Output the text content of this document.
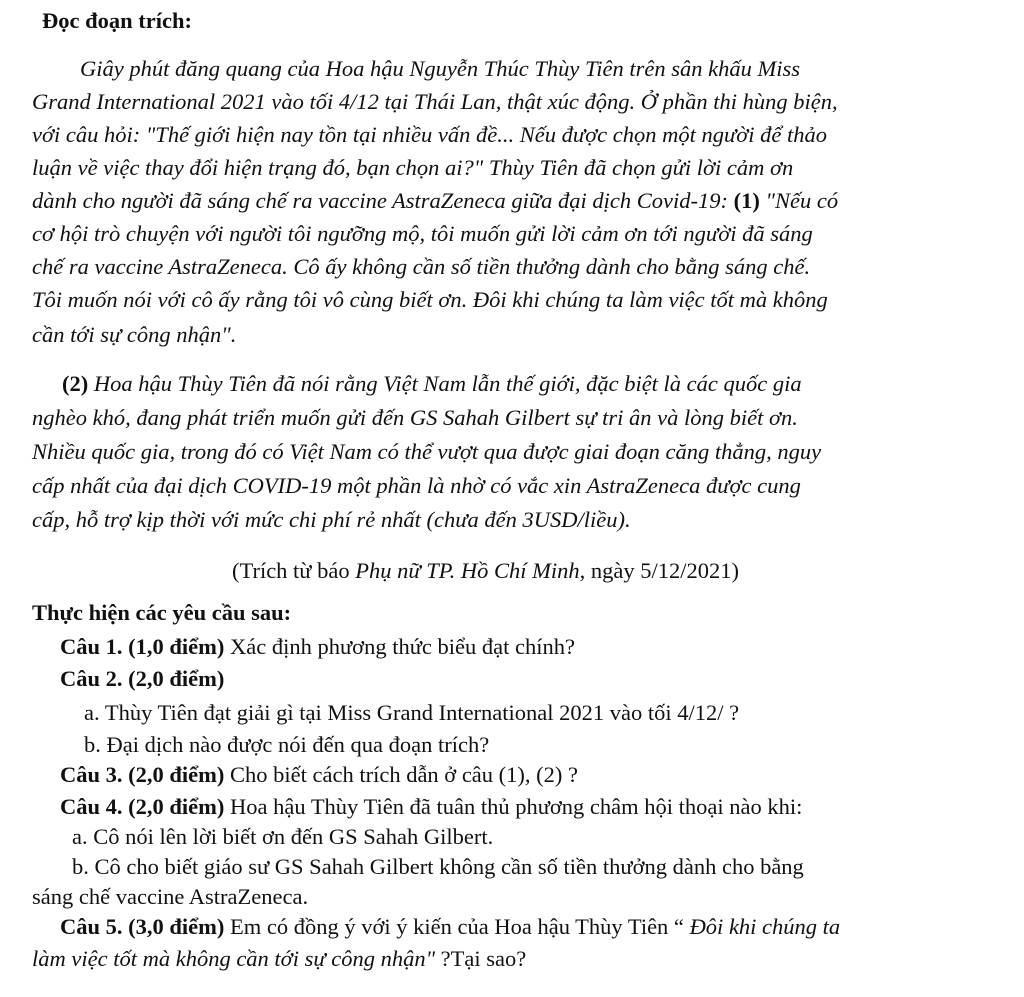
Đọc đoạn trích:
Giây phút đăng quang của Hoa hậu Nguyễn Thúc Thùy Tiên trên sân khấu Miss
Grand International 2021 vào tối 4/12 tại Thái Lan, thật xúc động. Ở phần thi hùng biện,
với câu hỏi: "Thế giới hiện nay tồn tại nhiều vấn đề... Nếu được chọn một người để thảo
luận về việc thay đổi hiện trạng đó, bạn chọn ai?" Thùy Tiên đã chọn gửi lời cảm ơn
dành cho người đã sáng chế ra vaccine AstraZeneca giữa đại dịch Covid-19: (1) "Nếu có
cơ hội trò chuyện với người tôi ngưỡng mộ, tôi muốn gửi lời cảm ơn tới người đã sáng
chế ra vaccine AstraZeneca. Cô ấy không cần số tiền thưởng dành cho bằng sáng chế.
Tôi muốn nói với cô ấy rằng tôi vô cùng biết ơn. Đôi khi chúng ta làm việc tốt mà không
cần tới sự công nhận".
(2) Hoa hậu Thùy Tiên đã nói rằng Việt Nam lẫn thế giới, đặc biệt là các quốc gia
nghèo khó, đang phát triển muốn gửi đến GS Sahah Gilbert sự tri ân và lòng biết ơn.
Nhiều quốc gia, trong đó có Việt Nam có thể vượt qua được giai đoạn căng thẳng, nguy
cấp nhất của đại dịch COVID-19 một phần là nhờ có vắc xin AstraZeneca được cung
cấp, hỗ trợ kịp thời với mức chi phí rẻ nhất (chưa đến 3USD/liều).
(Trích từ báo Phụ nữ TP. Hồ Chí Minh, ngày 5/12/2021)
Thực hiện các yêu cầu sau:
Câu 1. (1,0 điểm) Xác định phương thức biểu đạt chính?
Câu 2. (2,0 điểm)
a. Thùy Tiên đạt giải gì tại Miss Grand International 2021 vào tối 4/12/ ?
b. Đại dịch nào được nói đến qua đoạn trích?
Câu 3. (2,0 điểm) Cho biết cách trích dẫn ở câu (1), (2) ?
Câu 4. (2,0 điểm) Hoa hậu Thùy Tiên đã tuân thủ phương châm hội thoại nào khi:
a. Cô nói lên lời biết ơn đến GS Sahah Gilbert.
b. Cô cho biết giáo sư GS Sahah Gilbert không cần số tiền thưởng dành cho bằng
sáng chế vaccine AstraZeneca.
Câu 5. (3,0 điểm) Em có đồng ý với ý kiến của Hoa hậu Thùy Tiên “ Đôi khi chúng ta
làm việc tốt mà không cần tới sự công nhận" ?Tại sao?
